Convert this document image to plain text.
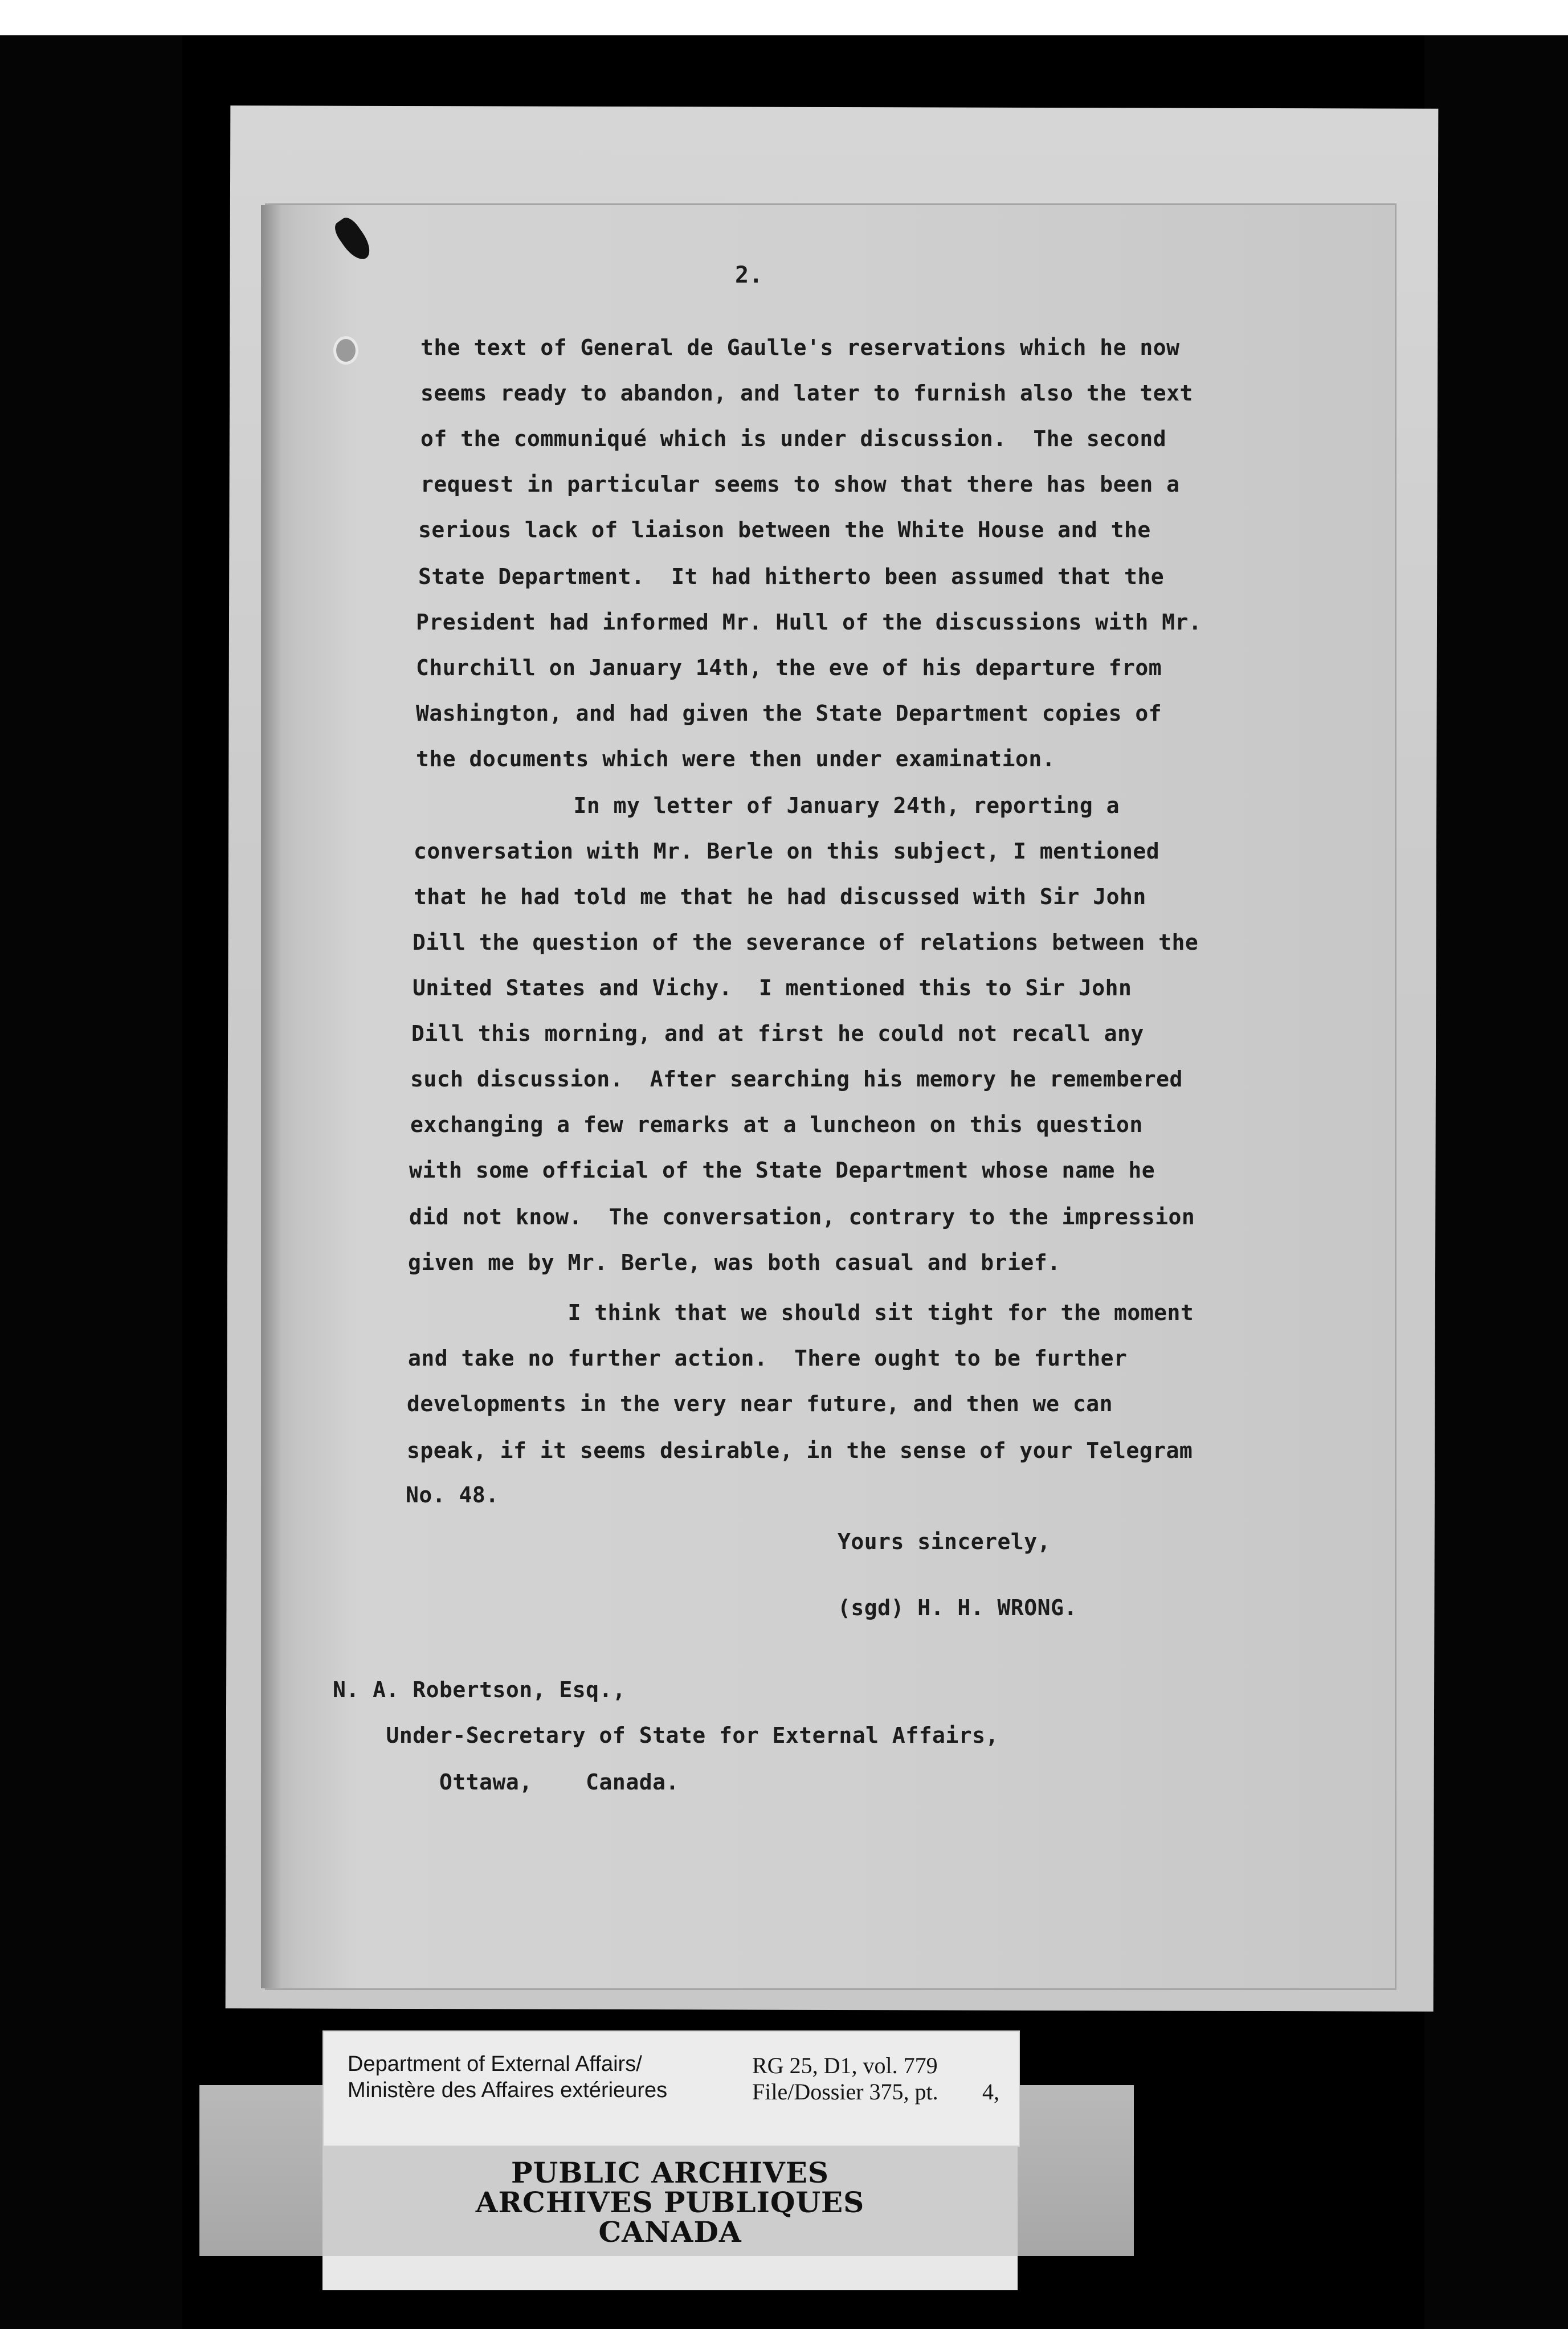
2.
the text of General de Gaulle's reservations which he now
seems ready to abandon, and later to furnish also the text
of the communiqué which is under discussion.  The second
request in particular seems to show that there has been a
serious lack of liaison between the White House and the
State Department.  It had hitherto been assumed that the
President had informed Mr. Hull of the discussions with Mr.
Churchill on January 14th, the eve of his departure from
Washington, and had given the State Department copies of
the documents which were then under examination.
In my letter of January 24th, reporting a
conversation with Mr. Berle on this subject, I mentioned
that he had told me that he had discussed with Sir John
Dill the question of the severance of relations between the
United States and Vichy.  I mentioned this to Sir John
Dill this morning, and at first he could not recall any
such discussion.  After searching his memory he remembered
exchanging a few remarks at a luncheon on this question
with some official of the State Department whose name he
did not know.  The conversation, contrary to the impression
given me by Mr. Berle, was both casual and brief.
I think that we should sit tight for the moment
and take no further action.  There ought to be further
developments in the very near future, and then we can
speak, if it seems desirable, in the sense of your Telegram
No. 48.
Yours sincerely,
(sgd) H. H. WRONG.
N. A. Robertson, Esq.,
Under-Secretary of State for External Affairs,
Ottawa,    Canada.
Department of External Affairs/
Ministère des Affaires extérieures
RG 25, D1, vol. 779
File/Dossier 375, pt. 4,
PUBLIC ARCHIVES
ARCHIVES PUBLIQUES
CANADA
